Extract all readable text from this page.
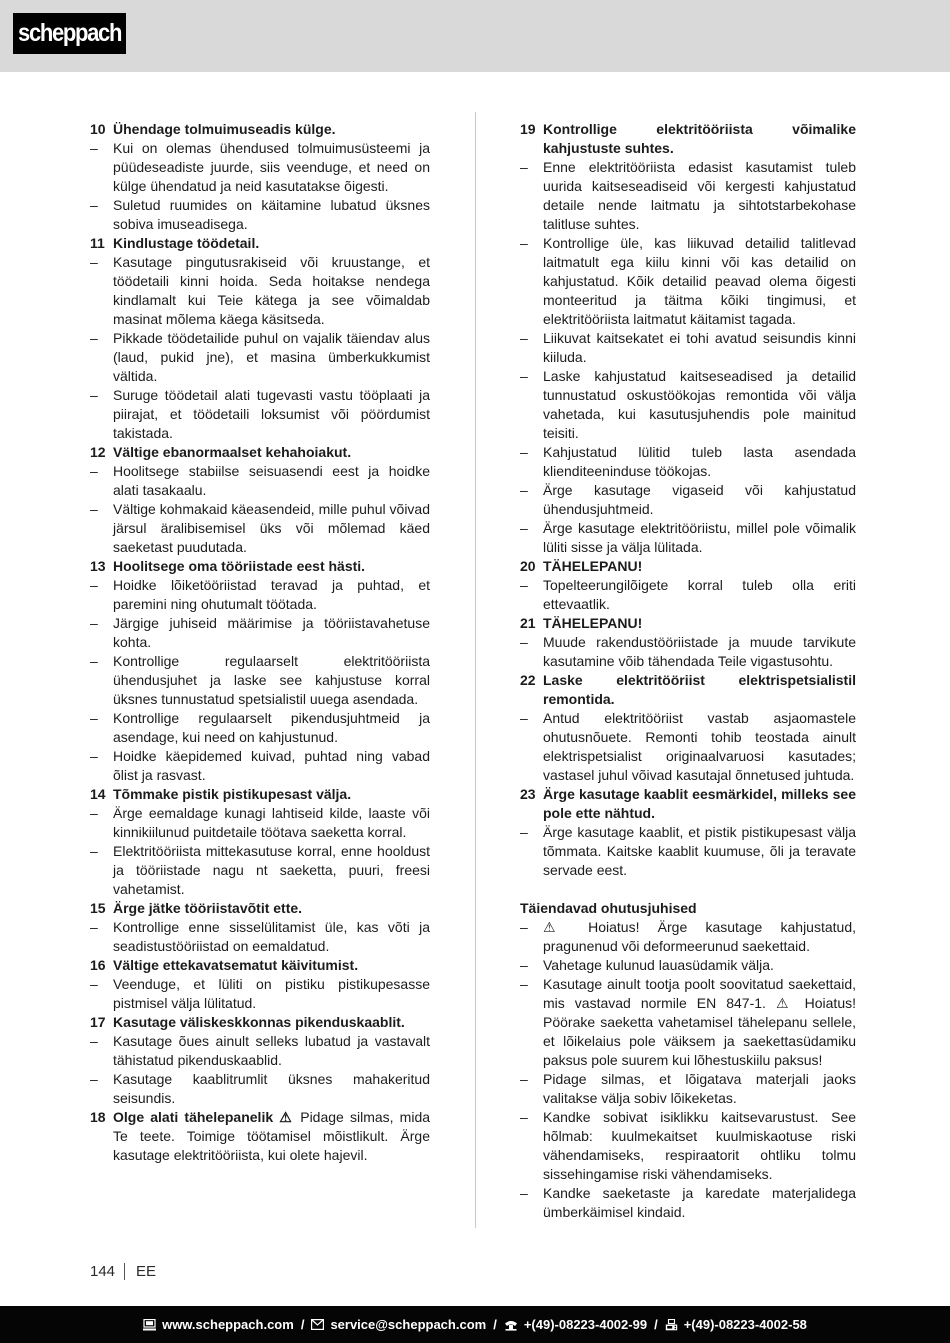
scheppach
10 Ühendage tolmuimuseadis külge.
–	Kui on olemas ühendused tolmuimusüsteemi ja püüdeseadiste juurde, siis veenduge, et need on külge ühendatud ja neid kasutatakse õigesti.
–	Suletud ruumides on käitamine lubatud üksnes sobiva imuseadisega.
11 Kindlustage töödetail.
–	Kasutage pingutusrakiseid või kruustange, et töödetaili kinni hoida. Seda hoitakse nendega kindlamalt kui Teie kätega ja see võimaldab masinat mõlema käega käsitseda.
–	Pikkade töödetailide puhul on vajalik täiendav alus (laud, pukid jne), et masina ümberkukkumist vältida.
–	Suruge töödetail alati tugevasti vastu tööplaati ja piirajat, et töödetaili loksumist või pöördumist takistada.
12 Vältige ebanormaalset kehahoiakut.
–	Hoolitsege stabiilse seisuasendi eest ja hoidke alati tasakaalu.
–	Vältige kohmakaid käeasendeid, mille puhul võivad järsul äralibisemisel üks või mõlemad käed saeketast puudutada.
13 Hoolitsege oma tööriistade eest hästi.
–	Hoidke lõiketööriistad teravad ja puhtad, et paremini ning ohutumalt töötada.
–	Järgige juhiseid määrimise ja tööriistavahetuse kohta.
–	Kontrollige regulaarselt elektritööriista ühendusjuhet ja laske see kahjustuse korral üksnes tunnustatud spetsialistil uuega asendada.
–	Kontrollige regulaarselt pikendusjuhtmeid ja asendage, kui need on kahjustunud.
–	Hoidke käepidemed kuivad, puhtad ning vabad õlist ja rasvast.
14 Tõmmake pistik pistikupesast välja.
–	Ärge eemaldage kunagi lahtiseid kilde, laaste või kinnikiilunud puitdetaile töötava saeketta korral.
–	Elektritööriista mittekasutuse korral, enne hooldust ja tööriistade nagu nt saeketta, puuri, freesi vahetamist.
15 Ärge jätke tööriistavõtit ette.
–	Kontrollige enne sisselülitamist üle, kas võti ja seadistustööriistad on eemaldatud.
16 Vältige ettekavatsematut käivitumist.
–	Veenduge, et lüliti on pistiku pistikupesasse pistmisel välja lülitatud.
17 Kasutage väliskeskkonnas pikenduskaablit.
–	Kasutage õues ainult selleks lubatud ja vastavalt tähistatud pikenduskaablid.
–	Kasutage kaablitrumlit üksnes mahakeritud seisundis.
18 Olge alati tähelepanelik ⚠ Pidage silmas, mida Te teete. Toimige töötamisel mõistlikult. Ärge kasutage elektritööriista, kui olete hajevil.
19 Kontrollige elektritööriista võimalike kahjustuste suhtes.
–	Enne elektritööriista edasist kasutamist tuleb uurida kaitseseadiseid või kergesti kahjustatud detaile nende laitmatu ja sihtotstarbekohase talitluse suhtes.
–	Kontrollige üle, kas liikuvad detailid talitlevad laitmatult ega kiilu kinni või kas detailid on kahjustatud. Kõik detailid peavad olema õigesti monteeritud ja täitma kõiki tingimusi, et elektritööriista laitmatut käitamist tagada.
–	Liikuvat kaitsekatet ei tohi avatud seisundis kinni kiiluda.
–	Laske kahjustatud kaitseseadised ja detailid tunnustatud oskustöökojas remontida või välja vahetada, kui kasutusjuhendis pole mainitud teisiti.
–	Kahjustatud lülitid tuleb lasta asendada klienditeeninduse töökojas.
–	Ärge kasutage vigaseid või kahjustatud ühendusjuhtmeid.
–	Ärge kasutage elektritööriistu, millel pole võimalik lüliti sisse ja välja lülitada.
20 TÄHELEPANU!
–	Topelteerungilõigete korral tuleb olla eriti ettevaatlik.
21 TÄHELEPANU!
–	Muude rakendustööriistade ja muude tarvikute kasutamine võib tähendada Teile vigastusohtu.
22 Laske elektritööriist elektrispetsialistil remontida.
–	Antud elektritööriist vastab asjaomastele ohutusnõuete. Remonti tohib teostada ainult elektrispetsialist originaalvaruosi kasutades; vastasel juhul võivad kasutajal õnnetused juhtuda.
23 Ärge kasutage kaablit eesmärkidel, milleks see pole ette nähtud.
–	Ärge kasutage kaablit, et pistik pistikupesast välja tõmmata. Kaitske kaablit kuumuse, õli ja teravate servade eest.
Täiendavad ohutusjuhised
–	⚠ Hoiatus! Ärge kasutage kahjustatud, pragunenud või deformeerunud saekettaid.
–	Vahetage kulunud lauasüdamik välja.
–	Kasutage ainult tootja poolt soovitatud saekettaid, mis vastavad normile EN 847-1. ⚠ Hoiatus! Pöörake saeketta vahetamisel tähelepanu sellele, et lõikelaius pole väiksem ja saekettasüdamiku paksus pole suurem kui lõhestuskiilu paksus!
–	Pidage silmas, et lõigatava materjali jaoks valitakse välja sobiv lõikeketas.
–	Kandke sobivat isiklikku kaitsevarustust. See hõlmab: kuulmekaitset kuulmiskaotuse riski vähendamiseks, respiraatorit ohtliku tolmu sissehingamise riski vähendamiseks.
–	Kandke saeketaste ja karedate materjalidega ümberkäimisel kindaid.
144 EE
www.scheppach.com / service@scheppach.com / +(49)-08223-4002-99 / +(49)-08223-4002-58
